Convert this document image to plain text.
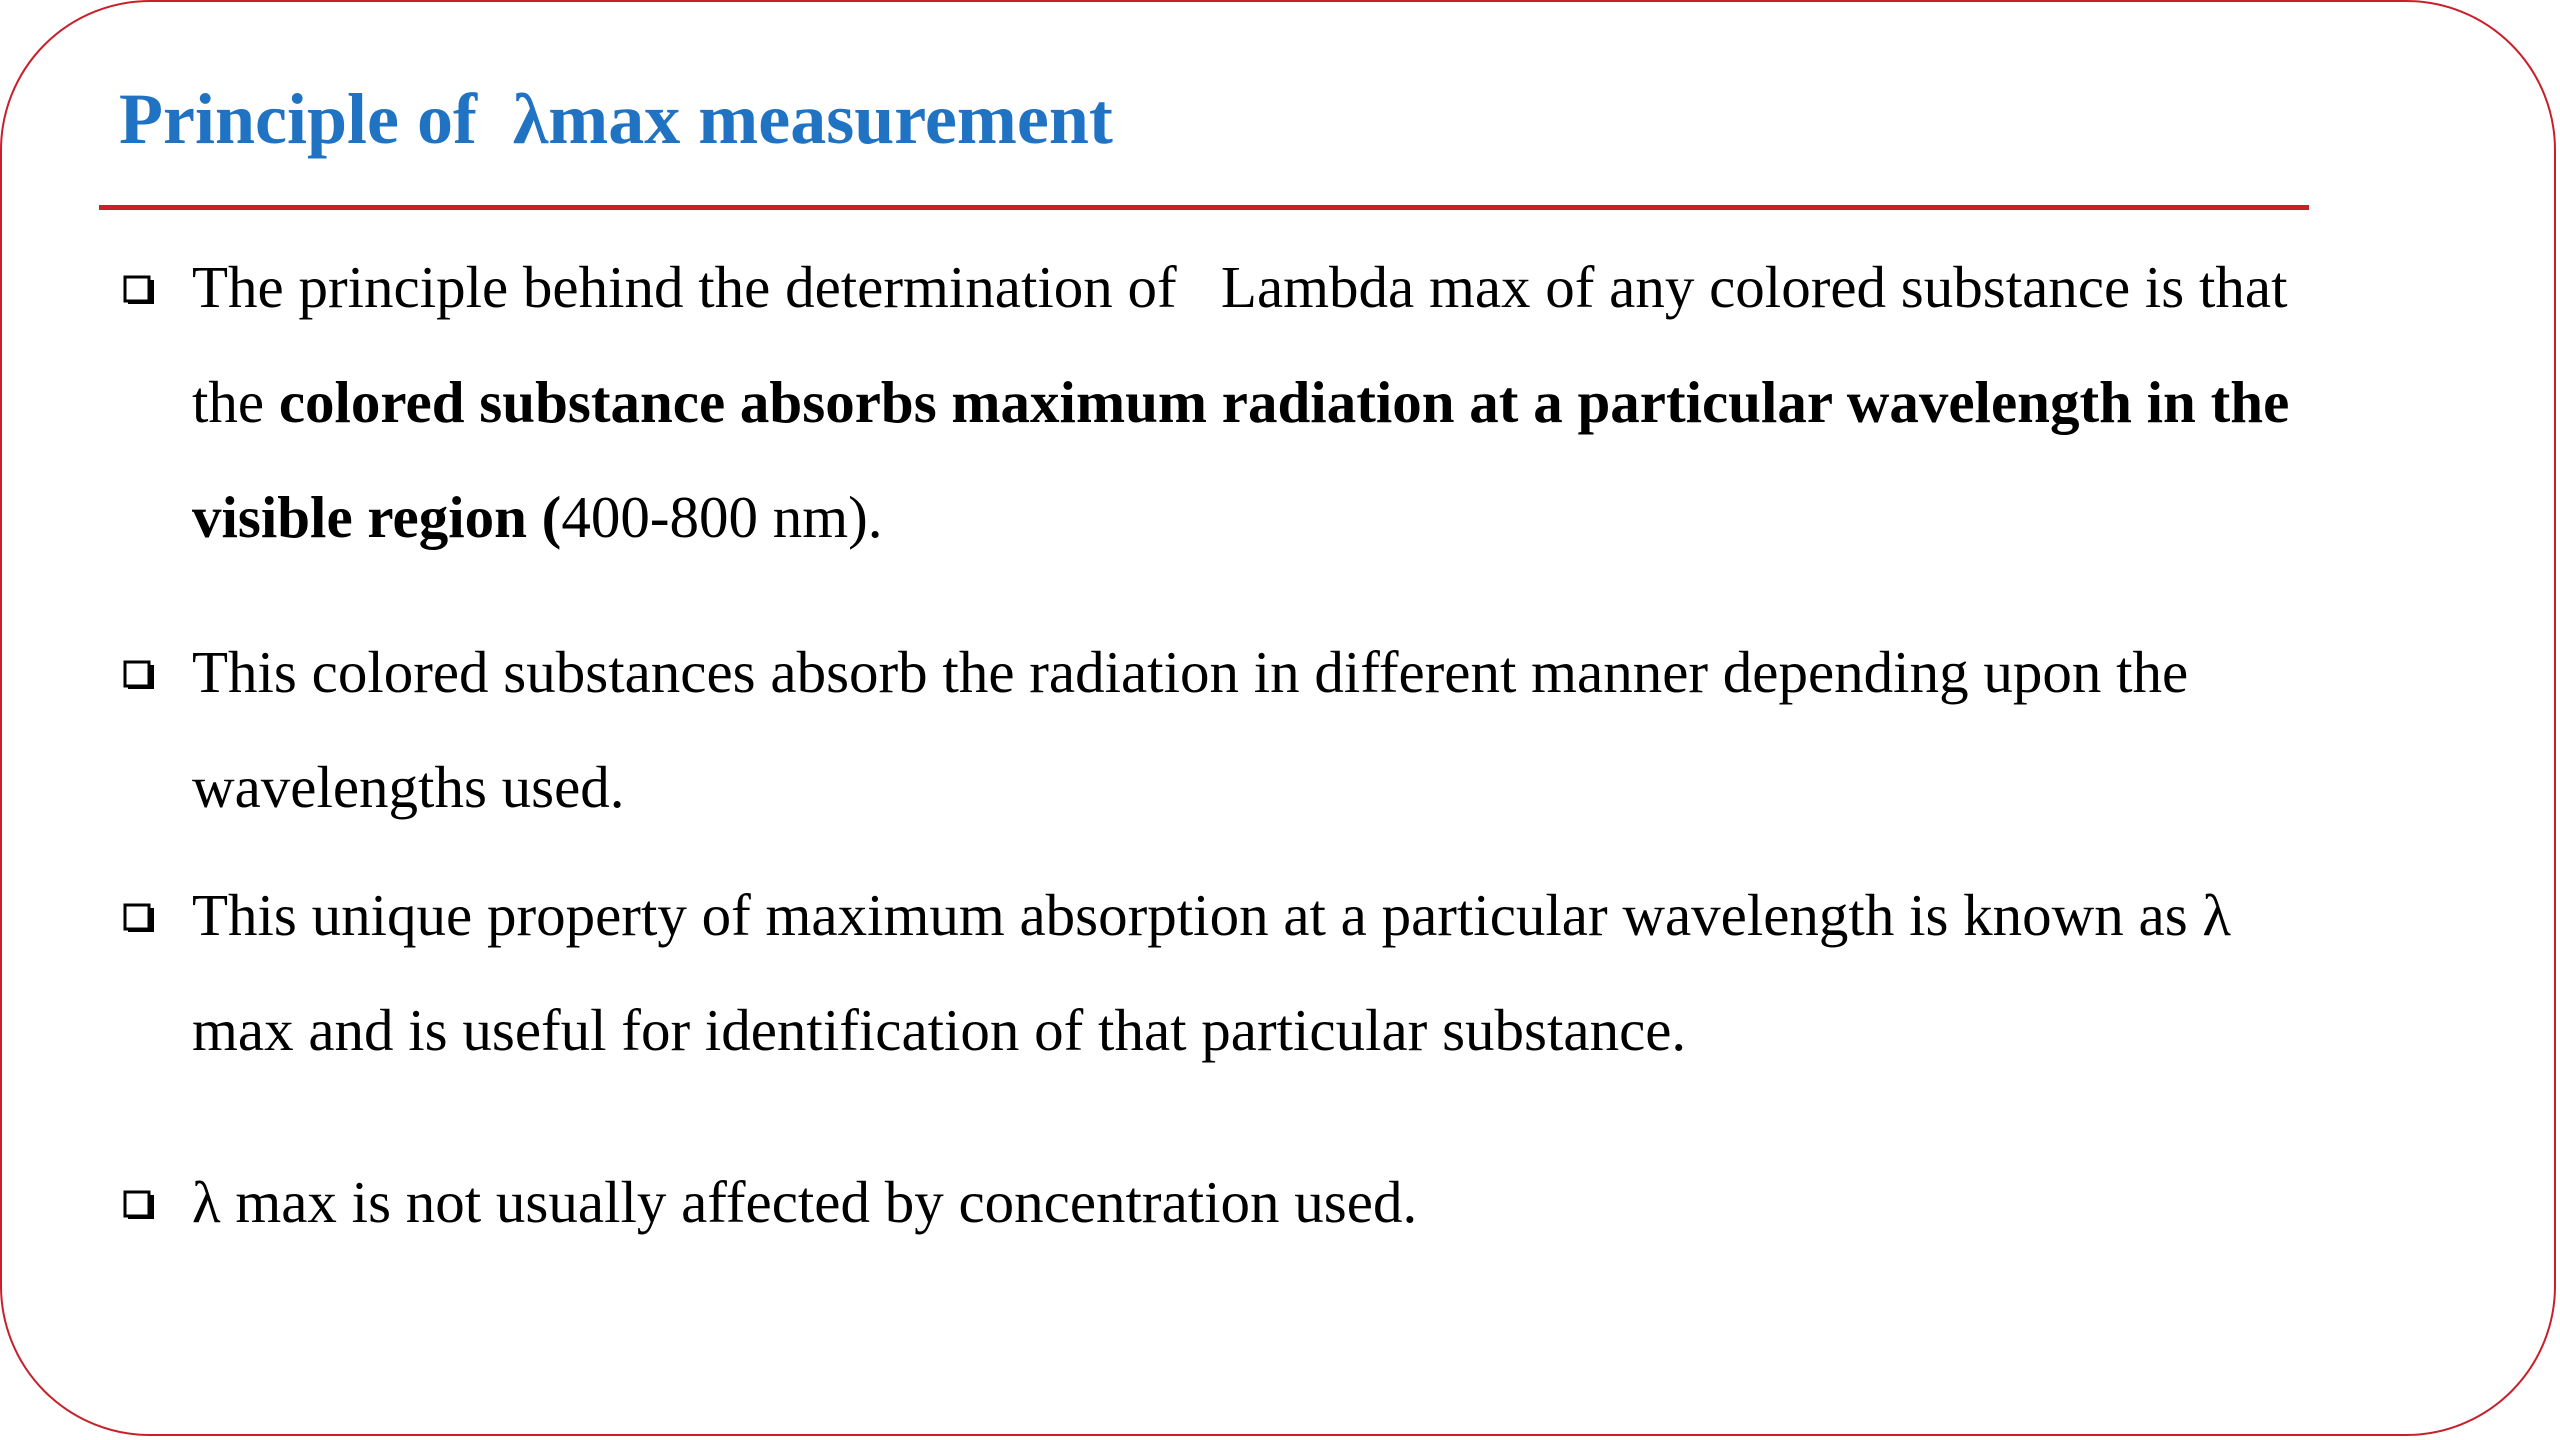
Principle of  λmax measurement

The principle behind the determination of   Lambda max of any colored substance is that the colored substance absorbs maximum radiation at a particular wavelength in the visible region (400-800 nm).

This colored substances absorb the radiation in different manner depending upon the wavelengths used.

This unique property of maximum absorption at a particular wavelength is known as λ max and is useful for identification of that particular substance.

λ max is not usually affected by concentration used.
